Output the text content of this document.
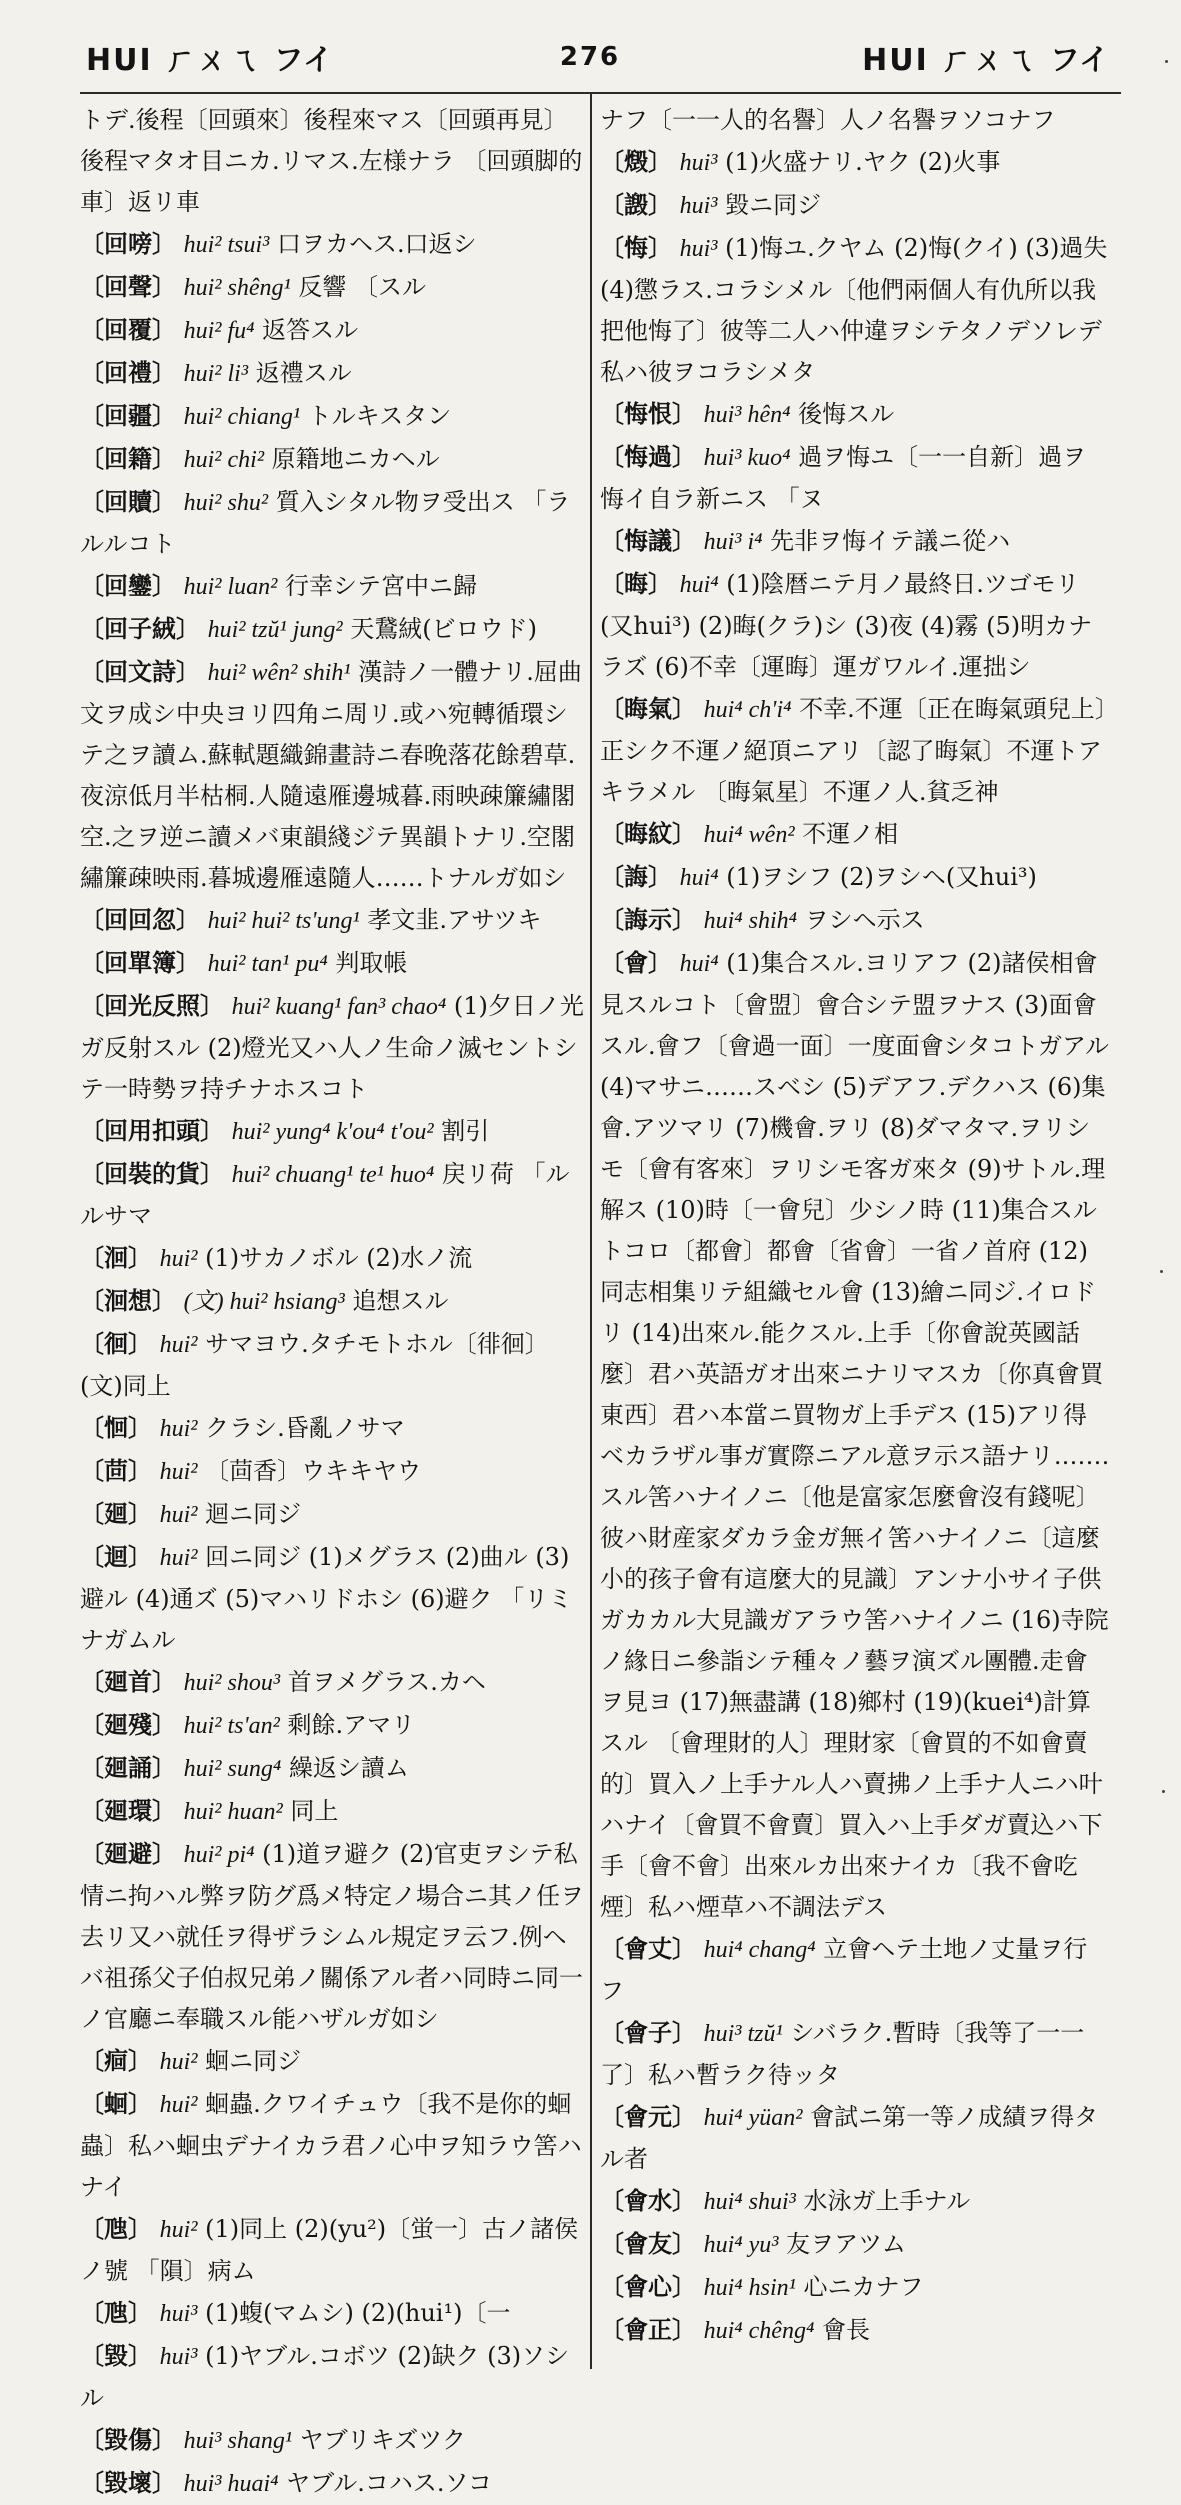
HUI ㄏㄨㄟ フイ	276	HUI ㄏㄨㄟ フイ
トデ.後程〔回頭來〕後程來マス〔回頭再見〕後程マタオ目ニカ.リマス.左様ナラ 〔回頭脚的車〕返リ車
〔回嗙〕 hui² tsui³ 口ヲカヘス.口返シ
〔回聲〕 hui² shêng¹ 反響 〔スル
〔回覆〕 hui² fu⁴ 返答スル
〔回禮〕 hui² li³ 返禮スル
〔回疆〕 hui² chiang¹ トルキスタン
〔回籍〕 hui² chi² 原籍地ニカヘル
〔回贖〕 hui² shu² 質入シタル物ヲ受出ス 「ラルルコト
〔回鑾〕 hui² luan² 行幸シテ宮中ニ歸
〔回子絨〕 hui² tzŭ¹ jung² 天鵞絨(ビロウド)
〔回文詩〕 hui² wên² shih¹ 漢詩ノ一體ナリ.屈曲文ヲ成シ中央ヨリ四角ニ周リ.或ハ宛轉循環シテ之ヲ讀ム.蘇軾題織錦畫詩ニ春晚落花餘碧草.夜涼低月半枯桐.人隨遠雁邊城暮.雨映疎簾繡閣空.之ヲ逆ニ讀メバ東韻綫ジテ異韻トナリ.空閣繡簾疎映雨.暮城邊雁遠隨人……トナルガ如シ
〔回回忽〕 hui² hui² ts'ung¹ 孝文韭.アサツキ
〔回單簿〕 hui² tan¹ pu⁴ 判取帳
〔回光反照〕 hui² kuang¹ fan³ chao⁴ (1)夕日ノ光ガ反射スル (2)燈光又ハ人ノ生命ノ滅セントシテ一時勢ヲ持チナホスコト
〔回用扣頭〕 hui² yung⁴ k'ou⁴ t'ou² 割引
〔回裝的貨〕 hui² chuang¹ te¹ huo⁴ 戻リ荷 「ルルサマ
〔洄〕 hui² (1)サカノボル (2)水ノ流
〔洄想〕 (文) hui² hsiang³ 追想スル
〔徊〕 hui² サマヨウ.タチモトホル〔徘徊〕(文)同上
〔恛〕 hui² クラシ.昏亂ノサマ
〔茴〕 hui² 〔茴香〕ウキキヤウ
〔廻〕 hui² 迴ニ同ジ
〔迴〕 hui² 回ニ同ジ (1)メグラス (2)曲ル (3)避ル (4)通ズ (5)マハリドホシ (6)避ク 「リミナガムル
〔廻首〕 hui² shou³ 首ヲメグラス.カヘ
〔廻殘〕 hui² ts'an² 剩餘.アマリ
〔廻誦〕 hui² sung⁴ 繰返シ讀ム
〔廻環〕 hui² huan² 同上
〔廻避〕 hui² pi⁴ (1)道ヲ避ク (2)官吏ヲシテ私情ニ拘ハル弊ヲ防グ爲メ特定ノ場合ニ其ノ任ヲ去リ又ハ就任ヲ得ザラシムル規定ヲ云フ.例ヘバ祖孫父子伯叔兄弟ノ關係アル者ハ同時ニ同一ノ官廳ニ奉職スル能ハザルガ如シ
〔痐〕 hui² 蛔ニ同ジ
〔蛔〕 hui² 蛔蟲.クワイチュウ〔我不是你的蛔蟲〕私ハ蛔虫デナイカラ君ノ心中ヲ知ラウ筈ハナイ
〔虺〕 hui² (1)同上 (2)(yu²)〔蛍一〕古ノ諸侯ノ號 「隕〕病ム
〔虺〕 hui³ (1)蝮(マムシ) (2)(hui¹)〔一
〔毀〕 hui³ (1)ヤブル.コボツ (2)缺ク (3)ソシル
〔毀傷〕 hui³ shang¹ ヤブリキズツク
〔毀壞〕 hui³ huai⁴ ヤブル.コハス.ソコ
ナフ〔一一人的名譽〕人ノ名譽ヲソコナフ
〔燬〕 hui³ (1)火盛ナリ.ヤク (2)火事
〔譭〕 hui³ 毀ニ同ジ
〔悔〕 hui³ (1)悔ユ.クヤム (2)悔(クイ) (3)過失 (4)懲ラス.コラシメル〔他們兩個人有仇所以我把他悔了〕彼等二人ハ仲違ヲシテタノデソレデ私ハ彼ヲコラシメタ
〔悔恨〕 hui³ hên⁴ 後悔スル
〔悔過〕 hui³ kuo⁴ 過ヲ悔ユ〔一一自新〕過ヲ悔イ自ラ新ニス 「ヌ
〔悔議〕 hui³ i⁴ 先非ヲ悔イテ議ニ從ハ
〔晦〕 hui⁴ (1)陰暦ニテ月ノ最終日.ツゴモリ(又hui³) (2)晦(クラ)シ (3)夜 (4)霧 (5)明カナラズ (6)不幸〔運晦〕運ガワルイ.運拙シ
〔晦氣〕 hui⁴ ch'i⁴ 不幸.不運〔正在晦氣頭兒上〕正シク不運ノ絕頂ニアリ〔認了晦氣〕不運トアキラメル 〔晦氣星〕不運ノ人.貧乏神
〔晦紋〕 hui⁴ wên² 不運ノ相
〔誨〕 hui⁴ (1)ヲシフ (2)ヲシヘ(又hui³)
〔誨示〕 hui⁴ shih⁴ ヲシヘ示ス
〔會〕 hui⁴ (1)集合スル.ヨリアフ (2)諸侯相會見スルコト〔會盟〕會合シテ盟ヲナス (3)面會スル.會フ〔會過一面〕一度面會シタコトガアル (4)マサニ……スベシ (5)デアフ.デクハス (6)集會.アツマリ (7)機會.ヲリ (8)ダマタマ.ヲリシモ〔會有客來〕ヲリシモ客ガ來タ (9)サトル.理解ス (10)時〔一會兒〕少シノ時 (11)集合スルトコロ〔都會〕都會〔省會〕一省ノ首府 (12)同志相集リテ組織セル會 (13)繪ニ同ジ.イロドリ (14)出來ル.能クスル.上手〔你會說英國話麼〕君ハ英語ガオ出來ニナリマスカ〔你真會買東西〕君ハ本當ニ買物ガ上手デス (15)アリ得ベカラザル事ガ實際ニアル意ヲ示ス語ナリ.……スル筈ハナイノニ〔他是富家怎麼會沒有錢呢〕彼ハ財産家ダカラ金ガ無イ筈ハナイノニ〔這麼小的孩子會有這麼大的見識〕アンナ小サイ子供ガカカル大見識ガアラウ筈ハナイノニ (16)寺院ノ緣日ニ參詣シテ種々ノ藝ヲ演ズル團體.走會ヲ見ヨ (17)無盡講 (18)鄉村 (19)(kuei⁴)計算スル 〔會理財的人〕理財家〔會買的不如會賣的〕買入ノ上手ナル人ハ賣拂ノ上手ナ人ニハ叶ハナイ〔會買不會賣〕買入ハ上手ダガ賣込ハ下手〔會不會〕出來ルカ出來ナイカ〔我不會吃煙〕私ハ煙草ハ不調法デス
〔會丈〕 hui⁴ chang⁴ 立會ヘテ土地ノ丈量ヲ行フ
〔會子〕 hui³ tzŭ¹ シバラク.暫時〔我等了一一了〕私ハ暫ラク待ッタ
〔會元〕 hui⁴ yüan² 會試ニ第一等ノ成績ヲ得タル者
〔會水〕 hui⁴ shui³ 水泳ガ上手ナル
〔會友〕 hui⁴ yu³ 友ヲアツム
〔會心〕 hui⁴ hsin¹ 心ニカナフ
〔會正〕 hui⁴ chêng⁴ 會長
